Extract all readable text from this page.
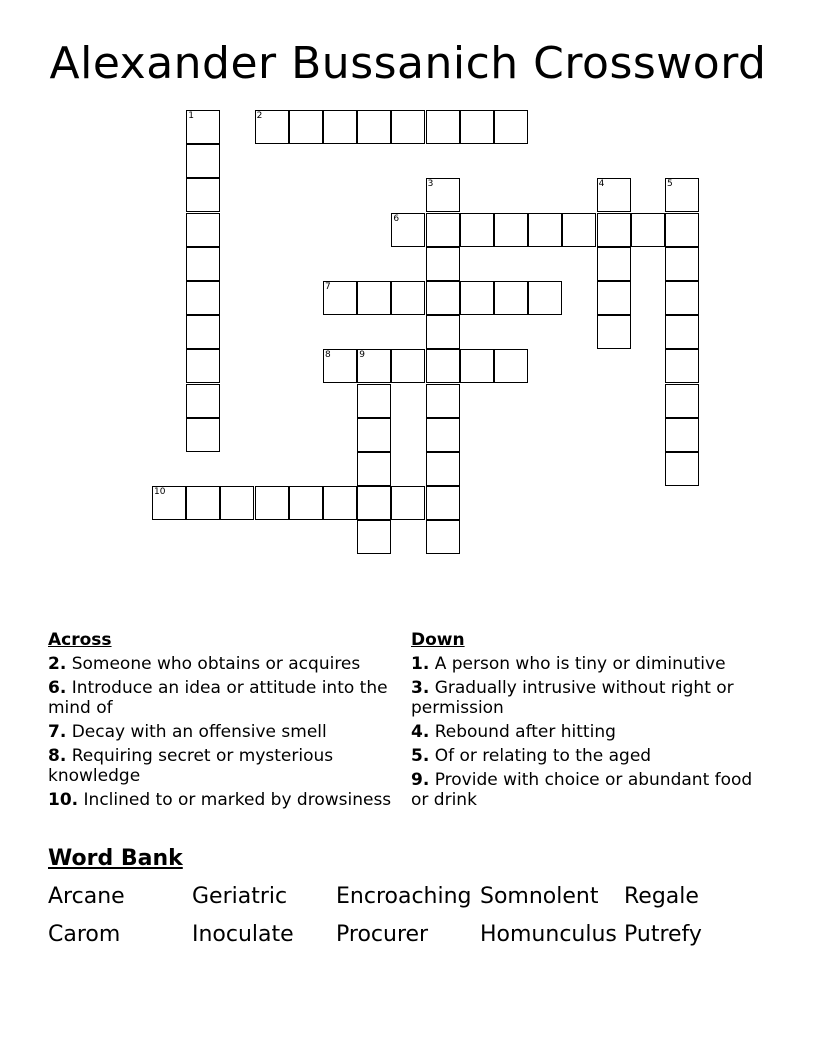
Alexander Bussanich Crossword
1	2
3	4	5
6
7
8	9
10
Across
2. Someone who obtains or acquires
6. Introduce an idea or attitude into the mind of
7. Decay with an offensive smell
8. Requiring secret or mysterious knowledge
10. Inclined to or marked by drowsiness
Down
1. A person who is tiny or diminutive
3. Gradually intrusive without right or permission
4. Rebound after hitting
5. Of or relating to the aged
9. Provide with choice or abundant food or drink
Word Bank
Arcane	Geriatric Encroaching Somnolent Regale
Carom	Inoculate Procurer Homunculus Putrefy
